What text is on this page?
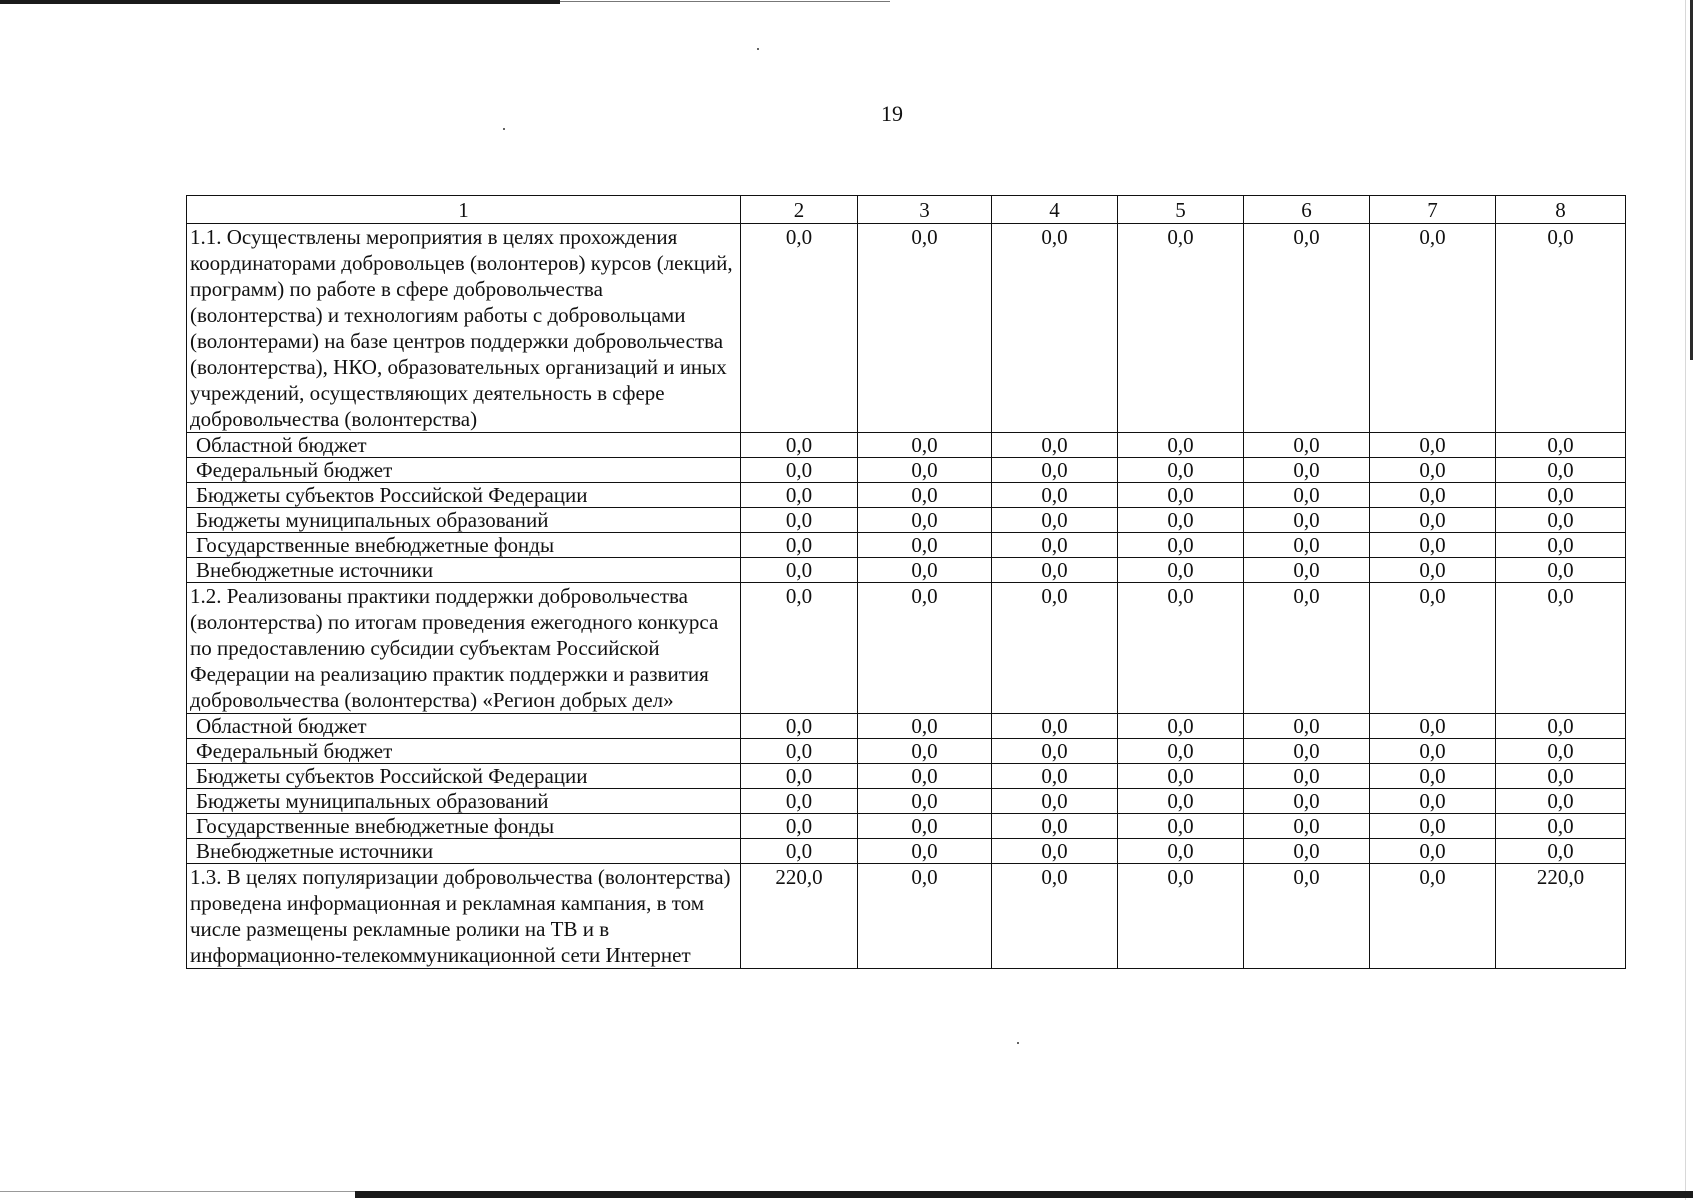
19
1	2	3	4	5	6	7	8
1.1. Осуществлены мероприятия в целях прохождения координаторами добровольцев (волонтеров) курсов (лекций, программ) по работе в сфере добровольчества (волонтерства) и технологиям работы с добровольцами (волонтерами) на базе центров поддержки добровольчества (волонтерства), НКО, образовательных организаций и иных учреждений, осуществляющих деятельность в сфере добровольчества (волонтерства)	0,0	0,0	0,0	0,0	0,0	0,0	0,0
Областной бюджет	0,0	0,0	0,0	0,0	0,0	0,0	0,0
Федеральный бюджет	0,0	0,0	0,0	0,0	0,0	0,0	0,0
Бюджеты субъектов Российской Федерации	0,0	0,0	0,0	0,0	0,0	0,0	0,0
Бюджеты муниципальных образований	0,0	0,0	0,0	0,0	0,0	0,0	0,0
Государственные внебюджетные фонды	0,0	0,0	0,0	0,0	0,0	0,0	0,0
Внебюджетные источники	0,0	0,0	0,0	0,0	0,0	0,0	0,0
1.2. Реализованы практики поддержки добровольчества (волонтерства) по итогам проведения ежегодного конкурса по предоставлению субсидии субъектам Российской Федерации на реализацию практик поддержки и развития добровольчества (волонтерства) «Регион добрых дел»	0,0	0,0	0,0	0,0	0,0	0,0	0,0
Областной бюджет	0,0	0,0	0,0	0,0	0,0	0,0	0,0
Федеральный бюджет	0,0	0,0	0,0	0,0	0,0	0,0	0,0
Бюджеты субъектов Российской Федерации	0,0	0,0	0,0	0,0	0,0	0,0	0,0
Бюджеты муниципальных образований	0,0	0,0	0,0	0,0	0,0	0,0	0,0
Государственные внебюджетные фонды	0,0	0,0	0,0	0,0	0,0	0,0	0,0
Внебюджетные источники	0,0	0,0	0,0	0,0	0,0	0,0	0,0
1.3. В целях популяризации добровольчества (волонтерства) проведена информационная и рекламная кампания, в том числе размещены рекламные ролики на ТВ и в информационно-телекоммуникационной сети Интернет	220,0	0,0	0,0	0,0	0,0	0,0	220,0
